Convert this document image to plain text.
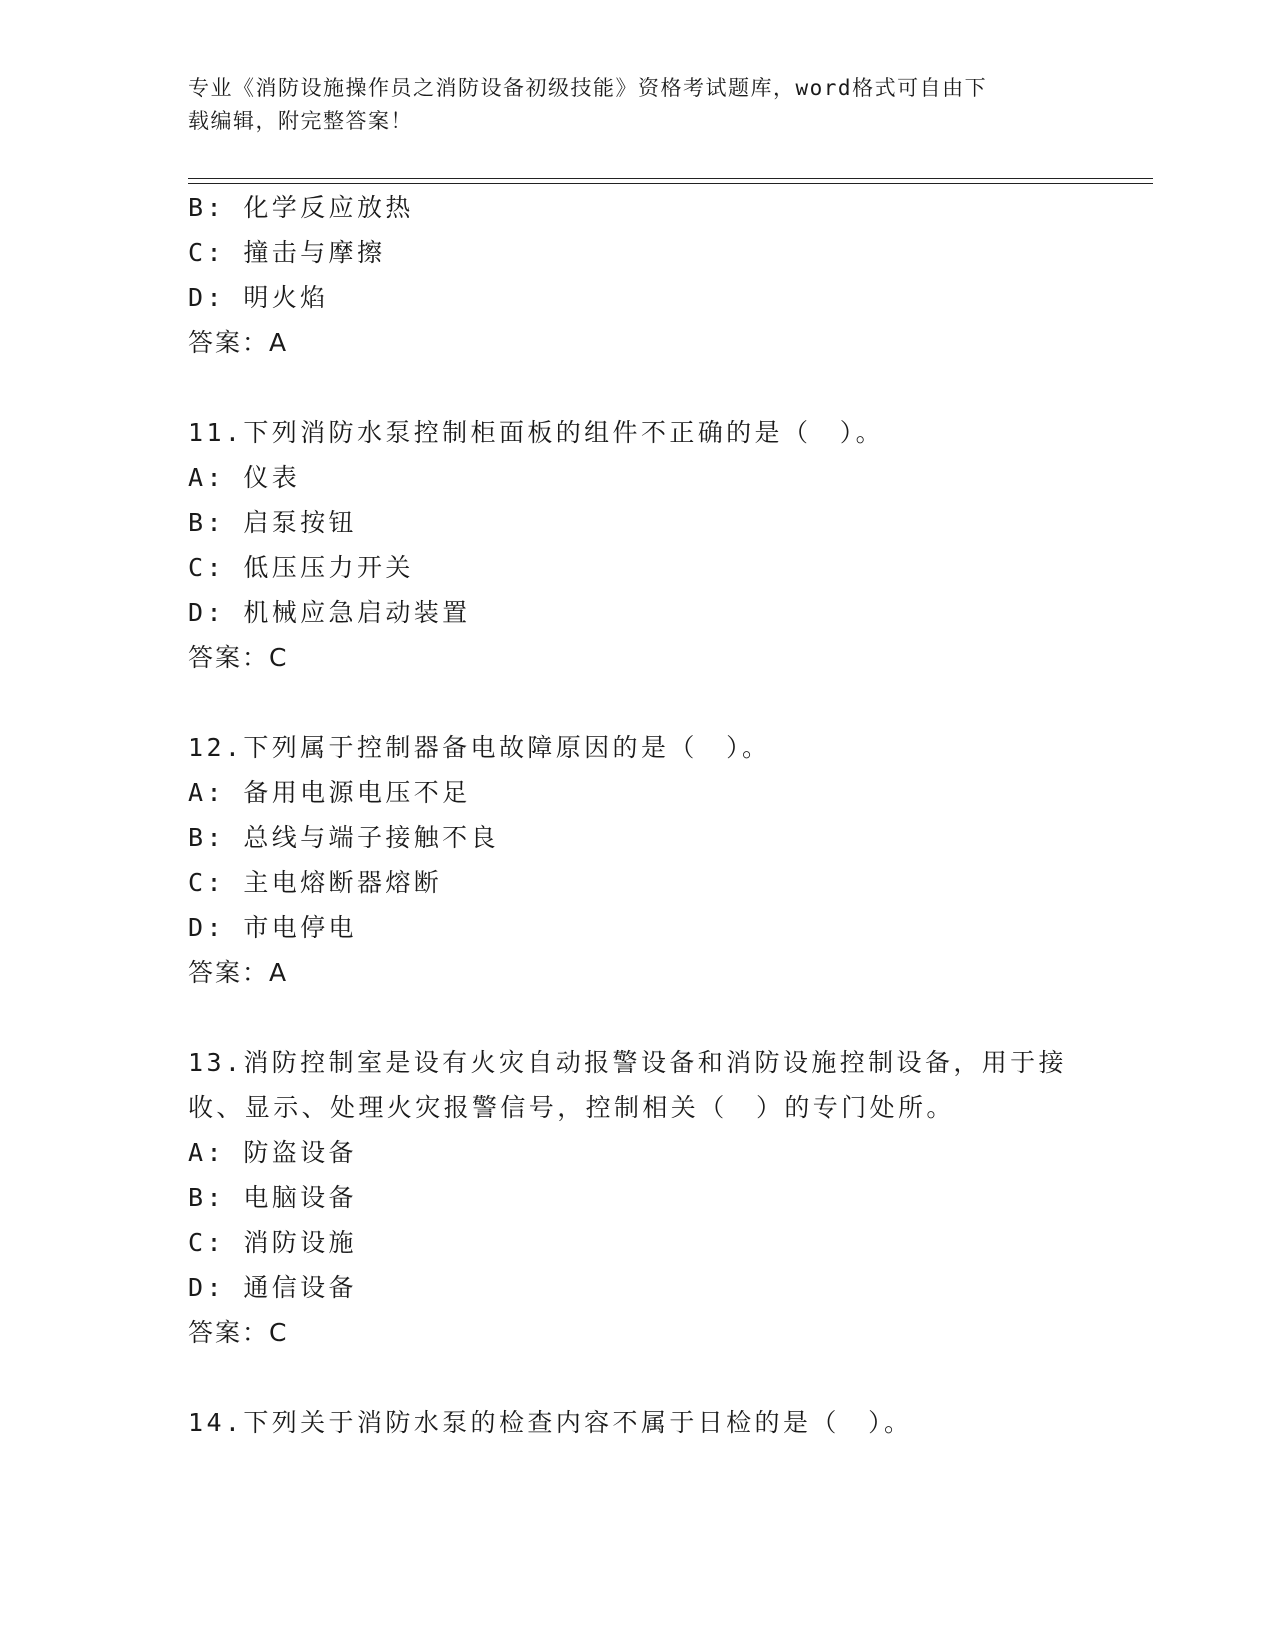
专业《消防设施操作员之消防设备初级技能》资格考试题库，word格式可自由下
载编辑，附完整答案！
B: 化学反应放热
C: 撞击与摩擦
D: 明火焰
答案：A
11.下列消防水泵控制柜面板的组件不正确的是（　）。
A: 仪表
B: 启泵按钮
C: 低压压力开关
D: 机械应急启动装置
答案：C
12.下列属于控制器备电故障原因的是（　）。
A: 备用电源电压不足
B: 总线与端子接触不良
C: 主电熔断器熔断
D: 市电停电
答案：A
13.消防控制室是设有火灾自动报警设备和消防设施控制设备，用于接
收、显示、处理火灾报警信号，控制相关（　）的专门处所。
A: 防盗设备
B: 电脑设备
C: 消防设施
D: 通信设备
答案：C
14.下列关于消防水泵的检查内容不属于日检的是（　）。
